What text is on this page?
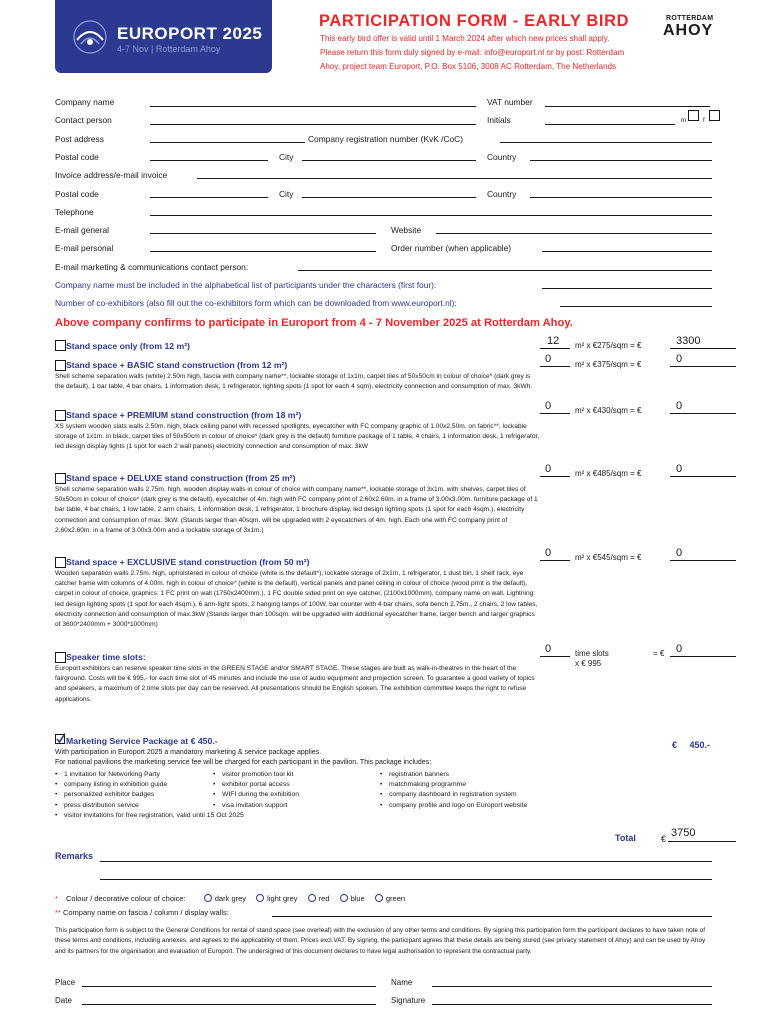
EUROPORT 2025
4-7 Nov | Rotterdam Ahoy
PARTICIPATION FORM - EARLY BIRD
This early bird offer is valid until 1 March 2024 after which new prices shall apply.
Please return this form duly signed by e-mail: info@europort.nl or by post: Rotterdam
Ahoy, project team Europort, P.O. Box 5106, 3008 AC Rotterdam, The Netherlands
ROTTERDAM
AHOY
Company name	VAT number
Contact person	Initials	m	f
Post address	Company registration number (KvK /CoC)
Postal code	City	Country
Invoice address/e-mail invoice
Postal code	City	Country
Telephone
E-mail general	Website
E-mail personal	Order number (when applicable)
E-mail marketing & communications contact person:
Company name must be included in the alphabetical list of participants under the characters (first four):
Number of co-exhibitors (also fill out the co-exhibitors form which can be downloaded from www.europort.nl):
Above company confirms to participate in Europort from 4 - 7 November 2025 at Rotterdam Ahoy.
Stand space only (from 12 m²)	12 m² x €275/sqm = €	3300
Stand space + BASIC stand construction (from 12 m²)
Shell scheme separation walls (white) 2.50m high, fascia with company name**, lockable storage of 1x1m, carpet tiles of 50x50cm in colour of choice* (dark grey is the default), 1 bar table, 4 bar chairs, 1 information desk, 1 refrigerator, lighting spots (1 spot for each 4 sqm), electricity connection and consumption of max. 3kWh.
0	m² x €375/sqm = €	0
Stand space + PREMIUM stand construction (from 18 m²)
XS system wooden slats walls 2.50m. high, black ceiling panel with recessed spotlights, eyecatcher with FC company graphic of 1.00x2.50m. on fabric**, lockable storage of 1x1m. in black, carpet tiles of 50x50cm in colour of choice* (dark grey is the default) furniture package of 1 table, 4 chairs, 1 information desk, 1 refrigerator, led design display lights (1 spot for each 2 wall panels) electricity connection and consumption of max. 3kW
0	m² x €430/sqm = €	0
Stand space + DELUXE stand construction (from 25 m²)
Shell scheme separation walls 2.75m. high, wooden display walls in colour of choice with company name**, lockable storage of 3x1m. with shelves, carpet tiles of 50x50cm in colour of choice* (dark grey is the default), eyecatcher of 4m. high with FC company print of 2.60x2.60m. in a frame of 3.00x3.00m. furniture package of 1 bar table, 4 bar chairs, 1 low table, 2 arm chairs, 1 information desk, 1 refrigerator, 1 brochure display, led design lighting spots (1 spot for each 4sqm.), electricity connection and consumption of max. 3kW. (Stands larger than 40sqm. will be upgraded with 2 eyecatchers of 4m. high. Each one with FC company print of 2.60x2.60m. in a frame of 3.00x3.00m and a lockable storage of 3x1m.)
0	m² x €485/sqm = €	0
Stand space + EXCLUSIVE stand construction (from 50 m²)
Wooden separation walls 2.75m. high, upholstered in colour of choice (white is the default*), lockable storage of 2x1m, 1 refrigerator, 1 dust bin, 1 shelf rack, eye catcher frame with columns of 4.00m. high in colour of choice* (white is the default), vertical panels and panel ceiling in colour of choice (wood print is the default), carpet in colour of choice, graphics: 1 FC print on wall (1750x2400mm.), 1 FC double sided print on eye catcher, (2100x1000mm), company name on wall, Lightning: led design lighting spots (1 spot for each 4sqm.), 6 arm-light spots, 2 hanging lamps of 100W, bar counter with 4 bar chairs, sofa bench 2.75m., 2 chairs, 2 low tables, electricity connection and consumption of max.3kW (Stands larger than 100sqm. will be upgraded with additional eyecatcher frame, larger bench and larger graphics of 3600*2400mm + 3000*1000mm)
0	m² x €545/sqm = €	0
Speaker time slots:
Europort exhibitors can reserve speaker time slots in the GREEN STAGE and/or SMART STAGE. These stages are built as walk-in-theatres in the heart of the fairground. Costs will be € 995,- for each time slot of 45 minutes and include the use of audio equipment and projection screen. To guarantee a good variety of topics and speakers, a maximum of 2 time slots per day can be reserved. All presentations should be English spoken. The exhibition committee keeps the right to refuse applications.
0	time slots
x € 995
= € 0
Marketing Service Package at € 450.-
With participation in Europort 2025 a mandatory marketing & service package applies.
For national pavilions the marketing service fee will be charged for each participant in the pavilion. This package includes:
€     450.-
• 1 invitation for Networking Party
• company listing in exhibition guide
• personalized exhibitor badges
• press distribution service
• visitor invitations for free registration, valid until 15 Oct 2025
• visitor promotion tool kit
• exhibitor portal access
• WIFI during the exhibition
• visa invitation support
• registration banners
• matchmaking programme
• company dashboard in registration system
• company profile and logo on Europort website
Total	€ 3750
Remarks
* Colour / decorative colour of choice:	dark grey	light grey	red	blue	green
** Company name on fascia / column / display walls:
This participation form is subject to the General Conditions for rental of stand space (see overleaf) with the exclusion of any other terms and conditions. By signing this participation form the participant declares to have taken note of these terms and conditions, including annexes, and agrees to the applicability of them. Prices excl.VAT. By signing, the participant agrees that these details are being stored (see privacy statement of Ahoy) and can be used by Ahoy and its partners for the organisation and evaluation of Europort. The undersigned of this document declares to have legal authorisation to represent the contractual party.
Place	Name
Date	Signature
